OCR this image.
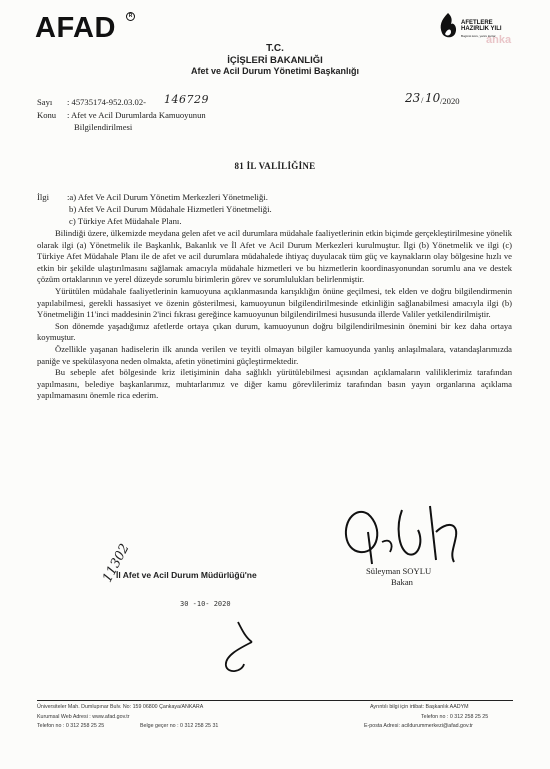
AFAD	R
AFETLERE
HAZIRLIK YILI
Bugünü koru, yarını kurtar
anka
T.C.
İÇİŞLERİ BAKANLIĞI
Afet ve Acil Durum Yönetimi Başkanlığı
Sayı : 45735174-952.03.02- 146729	23 / 10 /2020
Konu : Afet ve Acil Durumlarda Kamuoyunun
Bilgilendirilmesi
81 İL VALİLİĞİNE
İlgi :a) Afet Ve Acil Durum Yönetim Merkezleri Yönetmeliği.
b) Afet Ve Acil Durum Müdahale Hizmetleri Yönetmeliği.
c) Türkiye Afet Müdahale Planı.

Bilindiği üzere, ülkemizde meydana gelen afet ve acil durumlara müdahale faaliyetlerinin etkin biçimde gerçekleştirilmesine yönelik olarak ilgi (a) Yönetmelik ile Başkanlık, Bakanlık ve İl Afet ve Acil Durum Merkezleri kurulmuştur. İlgi (b) Yönetmelik ve ilgi (c) Türkiye Afet Müdahale Planı ile de afet ve acil durumlara müdahalede ihtiyaç duyulacak tüm güç ve kaynakların olay bölgesine hızlı ve etkin bir şekilde ulaştırılmasını sağlamak amacıyla müdahale hizmetleri ve bu hizmetlerin koordinasyonundan sorumlu ana ve destek çözüm ortaklarının ve yerel düzeyde sorumlu birimlerin görev ve sorumlulukları belirlenmiştir.

Yürütülen müdahale faaliyetlerinin kamuoyuna açıklanmasında karışıklığın önüne geçilmesi, tek elden ve doğru bilgilendirmenin yapılabilmesi, gerekli hassasiyet ve özenin gösterilmesi, kamuoyunun bilgilendirilmesinde etkinliğin sağlanabilmesi amacıyla ilgi (b) Yönetmeliğin 11'inci maddesinin 2'inci fıkrası gereğince kamuoyunun bilgilendirilmesi hususunda illerde Valiler yetkilendirilmiştir.

Son dönemde yaşadığımız afetlerde ortaya çıkan durum, kamuoyunun doğru bilgilendirilmesinin önemini bir kez daha ortaya koymuştur.

Özellikle yaşanan hadiselerin ilk anında verilen ve teyitli olmayan bilgiler kamuoyunda yanlış anlaşılmalara, vatandaşlarımızda paniğe ve spekülasyona neden olmakta, afetin yönetimini güçleştirmektedir.

Bu sebeple afet bölgesinde kriz iletişiminin daha sağlıklı yürütülebilmesi açısından açıklamaların valiliklerimiz tarafından yapılmasını, belediye başkanlarımız, muhtarlarımız ve diğer kamu görevlilerimiz tarafından basın yayın organlarına açıklama yapılmamasını önemle rica ederim.

Süleyman SOYLU
Bakan
11302
İl Afet ve Acil Durum Müdürlüğü'ne
30 -10- 2020
Üniversiteler Mah. Dumlupınar Bulv. No: 159 06800 Çankaya/ANKARA
Kurumsal Web Adresi : www.afad.gov.tr
Telefon no : 0 312 258 25 25	Belge geçer no : 0 312 258 25 31
Ayrıntılı bilgi için irtibat: Başkanlık AADYM
Telefon no : 0 312 258 25 25
E-posta Adresi: acildurummerkezi@afad.gov.tr
